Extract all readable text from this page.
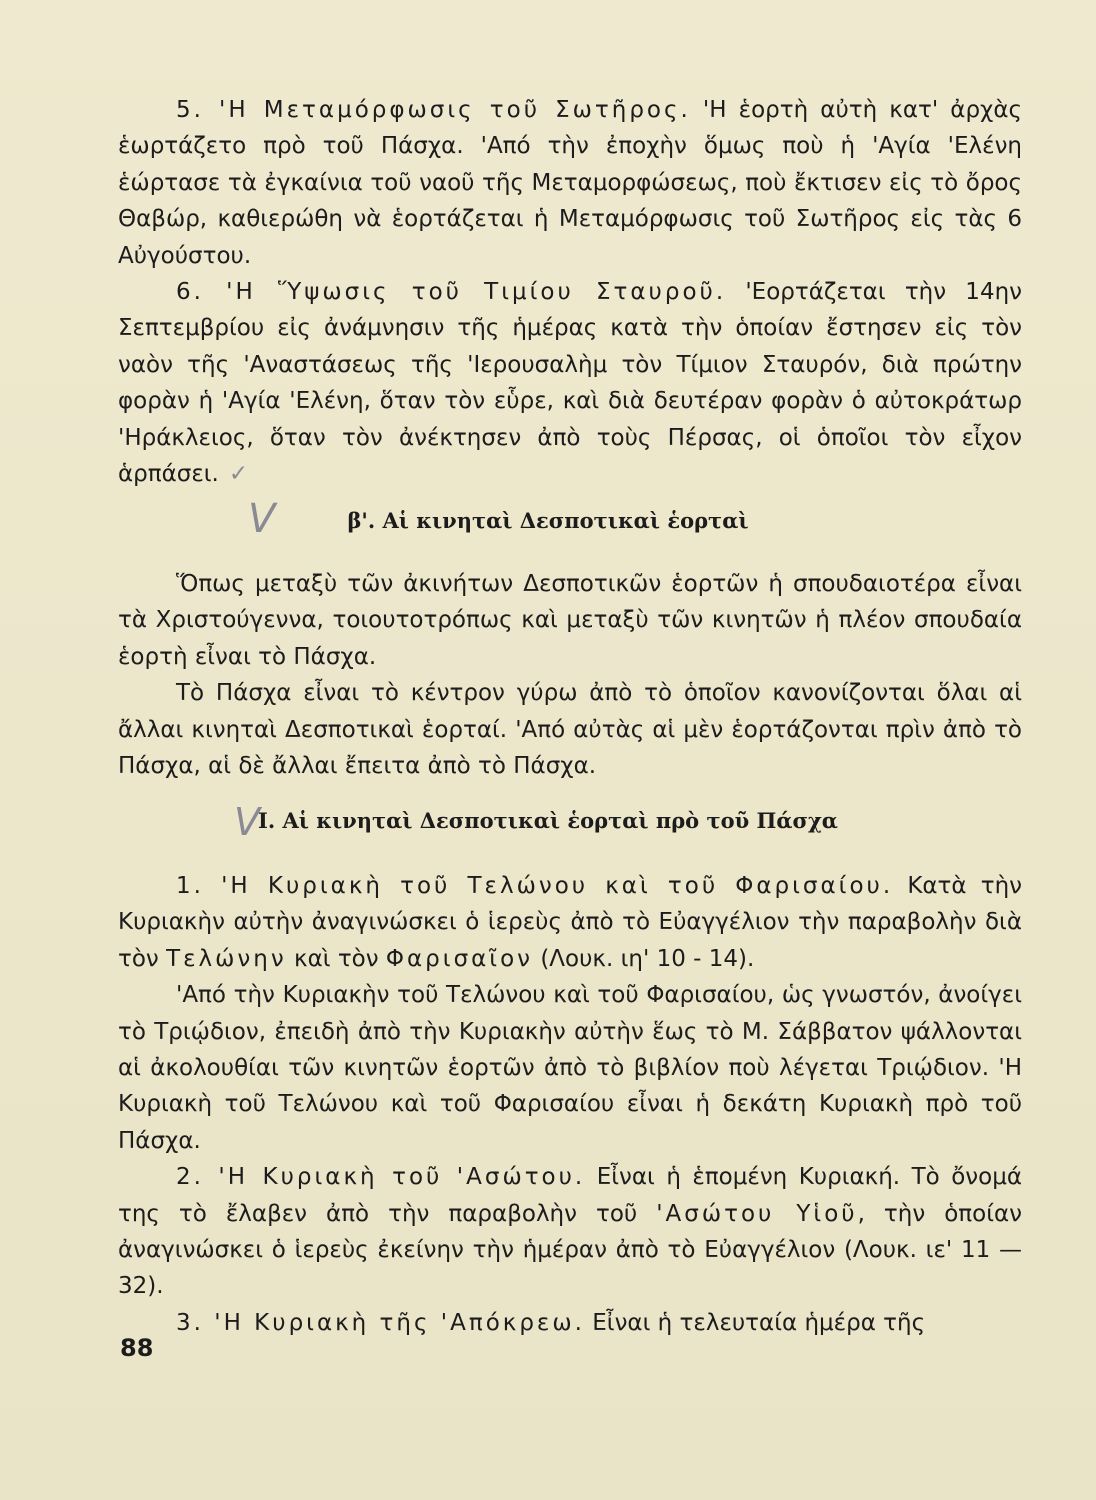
5. 'Η Μεταμόρφωσις τοῦ Σωτῆρος. 'Η ἑορτὴ αὐτὴ κατ' ἀρχὰς ἑωρτάζετο πρὸ τοῦ Πάσχα. 'Από τὴν ἐποχὴν ὅμως ποὺ ἡ 'Αγία 'Ελένη ἑώρτασε τὰ ἐγκαίνια τοῦ ναοῦ τῆς Μεταμορφώσεως, ποὺ ἔκτισεν εἰς τὸ ὄρος Θαβώρ, καθιερώθη νὰ ἑορτάζεται ἡ Μεταμόρφωσις τοῦ Σωτῆρος εἰς τὰς 6 Αὐγούστου.

6. 'Η Ὕψωσις τοῦ Τιμίου Σταυροῦ. 'Εορτάζεται τὴν 14ην Σεπτεμβρίου εἰς ἀνάμνησιν τῆς ἡμέρας κατὰ τὴν ὁποίαν ἔστησεν εἰς τὸν ναὸν τῆς 'Αναστάσεως τῆς 'Ιερουσαλὴμ τὸν Τίμιον Σταυρόν, διὰ πρώτην φορὰν ἡ 'Αγία 'Ελένη, ὅταν τὸν εὗρε, καὶ διὰ δευτέραν φορὰν ὁ αὐτοκράτωρ 'Ηράκλειος, ὅταν τὸν ἀνέκτησεν ἀπὸ τοὺς Πέρσας, οἱ ὁποῖοι τὸν εἶχον ἁρπάσει. ✓

V	β'. Αἱ κινηταὶ Δεσποτικαὶ ἑορταὶ

Ὅπως μεταξὺ τῶν ἀκινήτων Δεσποτικῶν ἑορτῶν ἡ σπουδαιοτέρα εἶναι τὰ Χριστούγεννα, τοιουτοτρόπως καὶ μεταξὺ τῶν κινητῶν ἡ πλέον σπουδαία ἑορτὴ εἶναι τὸ Πάσχα.

Τὸ Πάσχα εἶναι τὸ κέντρον γύρω ἀπὸ τὸ ὁποῖον κανονίζονται ὅλαι αἱ ἄλλαι κινηταὶ Δεσποτικαὶ ἑορταί. 'Από αὐτὰς αἱ μὲν ἑορτάζονται πρὶν ἀπὸ τὸ Πάσχα, αἱ δὲ ἄλλαι ἔπειτα ἀπὸ τὸ Πάσχα.

V
I. Αἱ κινηταὶ Δεσποτικαὶ ἑορταὶ πρὸ τοῦ Πάσχα

1. 'Η Κυριακὴ τοῦ Τελώνου καὶ τοῦ Φαρισαίου. Κατὰ τὴν Κυριακὴν αὐτὴν ἀναγινώσκει ὁ ἱερεὺς ἀπὸ τὸ Εὐαγγέλιον τὴν παραβολὴν διὰ τὸν Τελώνην καὶ τὸν Φαρισαῖον (Λουκ. ιη' 10 - 14).

'Από τὴν Κυριακὴν τοῦ Τελώνου καὶ τοῦ Φαρισαίου, ὡς γνωστόν, ἀνοίγει τὸ Τριῴδιον, ἐπειδὴ ἀπὸ τὴν Κυριακὴν αὐτὴν ἕως τὸ Μ. Σάββατον ψάλλονται αἱ ἀκολουθίαι τῶν κινητῶν ἑορτῶν ἀπὸ τὸ βιβλίον ποὺ λέγεται Τριῴδιον. 'Η Κυριακὴ τοῦ Τελώνου καὶ τοῦ Φαρισαίου εἶναι ἡ δεκάτη Κυριακὴ πρὸ τοῦ Πάσχα.

2. 'Η Κυριακὴ τοῦ 'Ασώτου. Εἶναι ἡ ἑπομένη Κυριακή. Τὸ ὄνομά της τὸ ἔλαβεν ἀπὸ τὴν παραβολὴν τοῦ 'Ασώτου Υἱοῦ, τὴν ὁποίαν ἀναγινώσκει ὁ ἱερεὺς ἐκείνην τὴν ἡμέραν ἀπὸ τὸ Εὐαγγέλιον (Λουκ. ιε' 11 — 32).

3. 'Η Κυριακὴ τῆς 'Απόκρεω. Εἶναι ἡ τελευταία ἡμέρα τῆς

88
